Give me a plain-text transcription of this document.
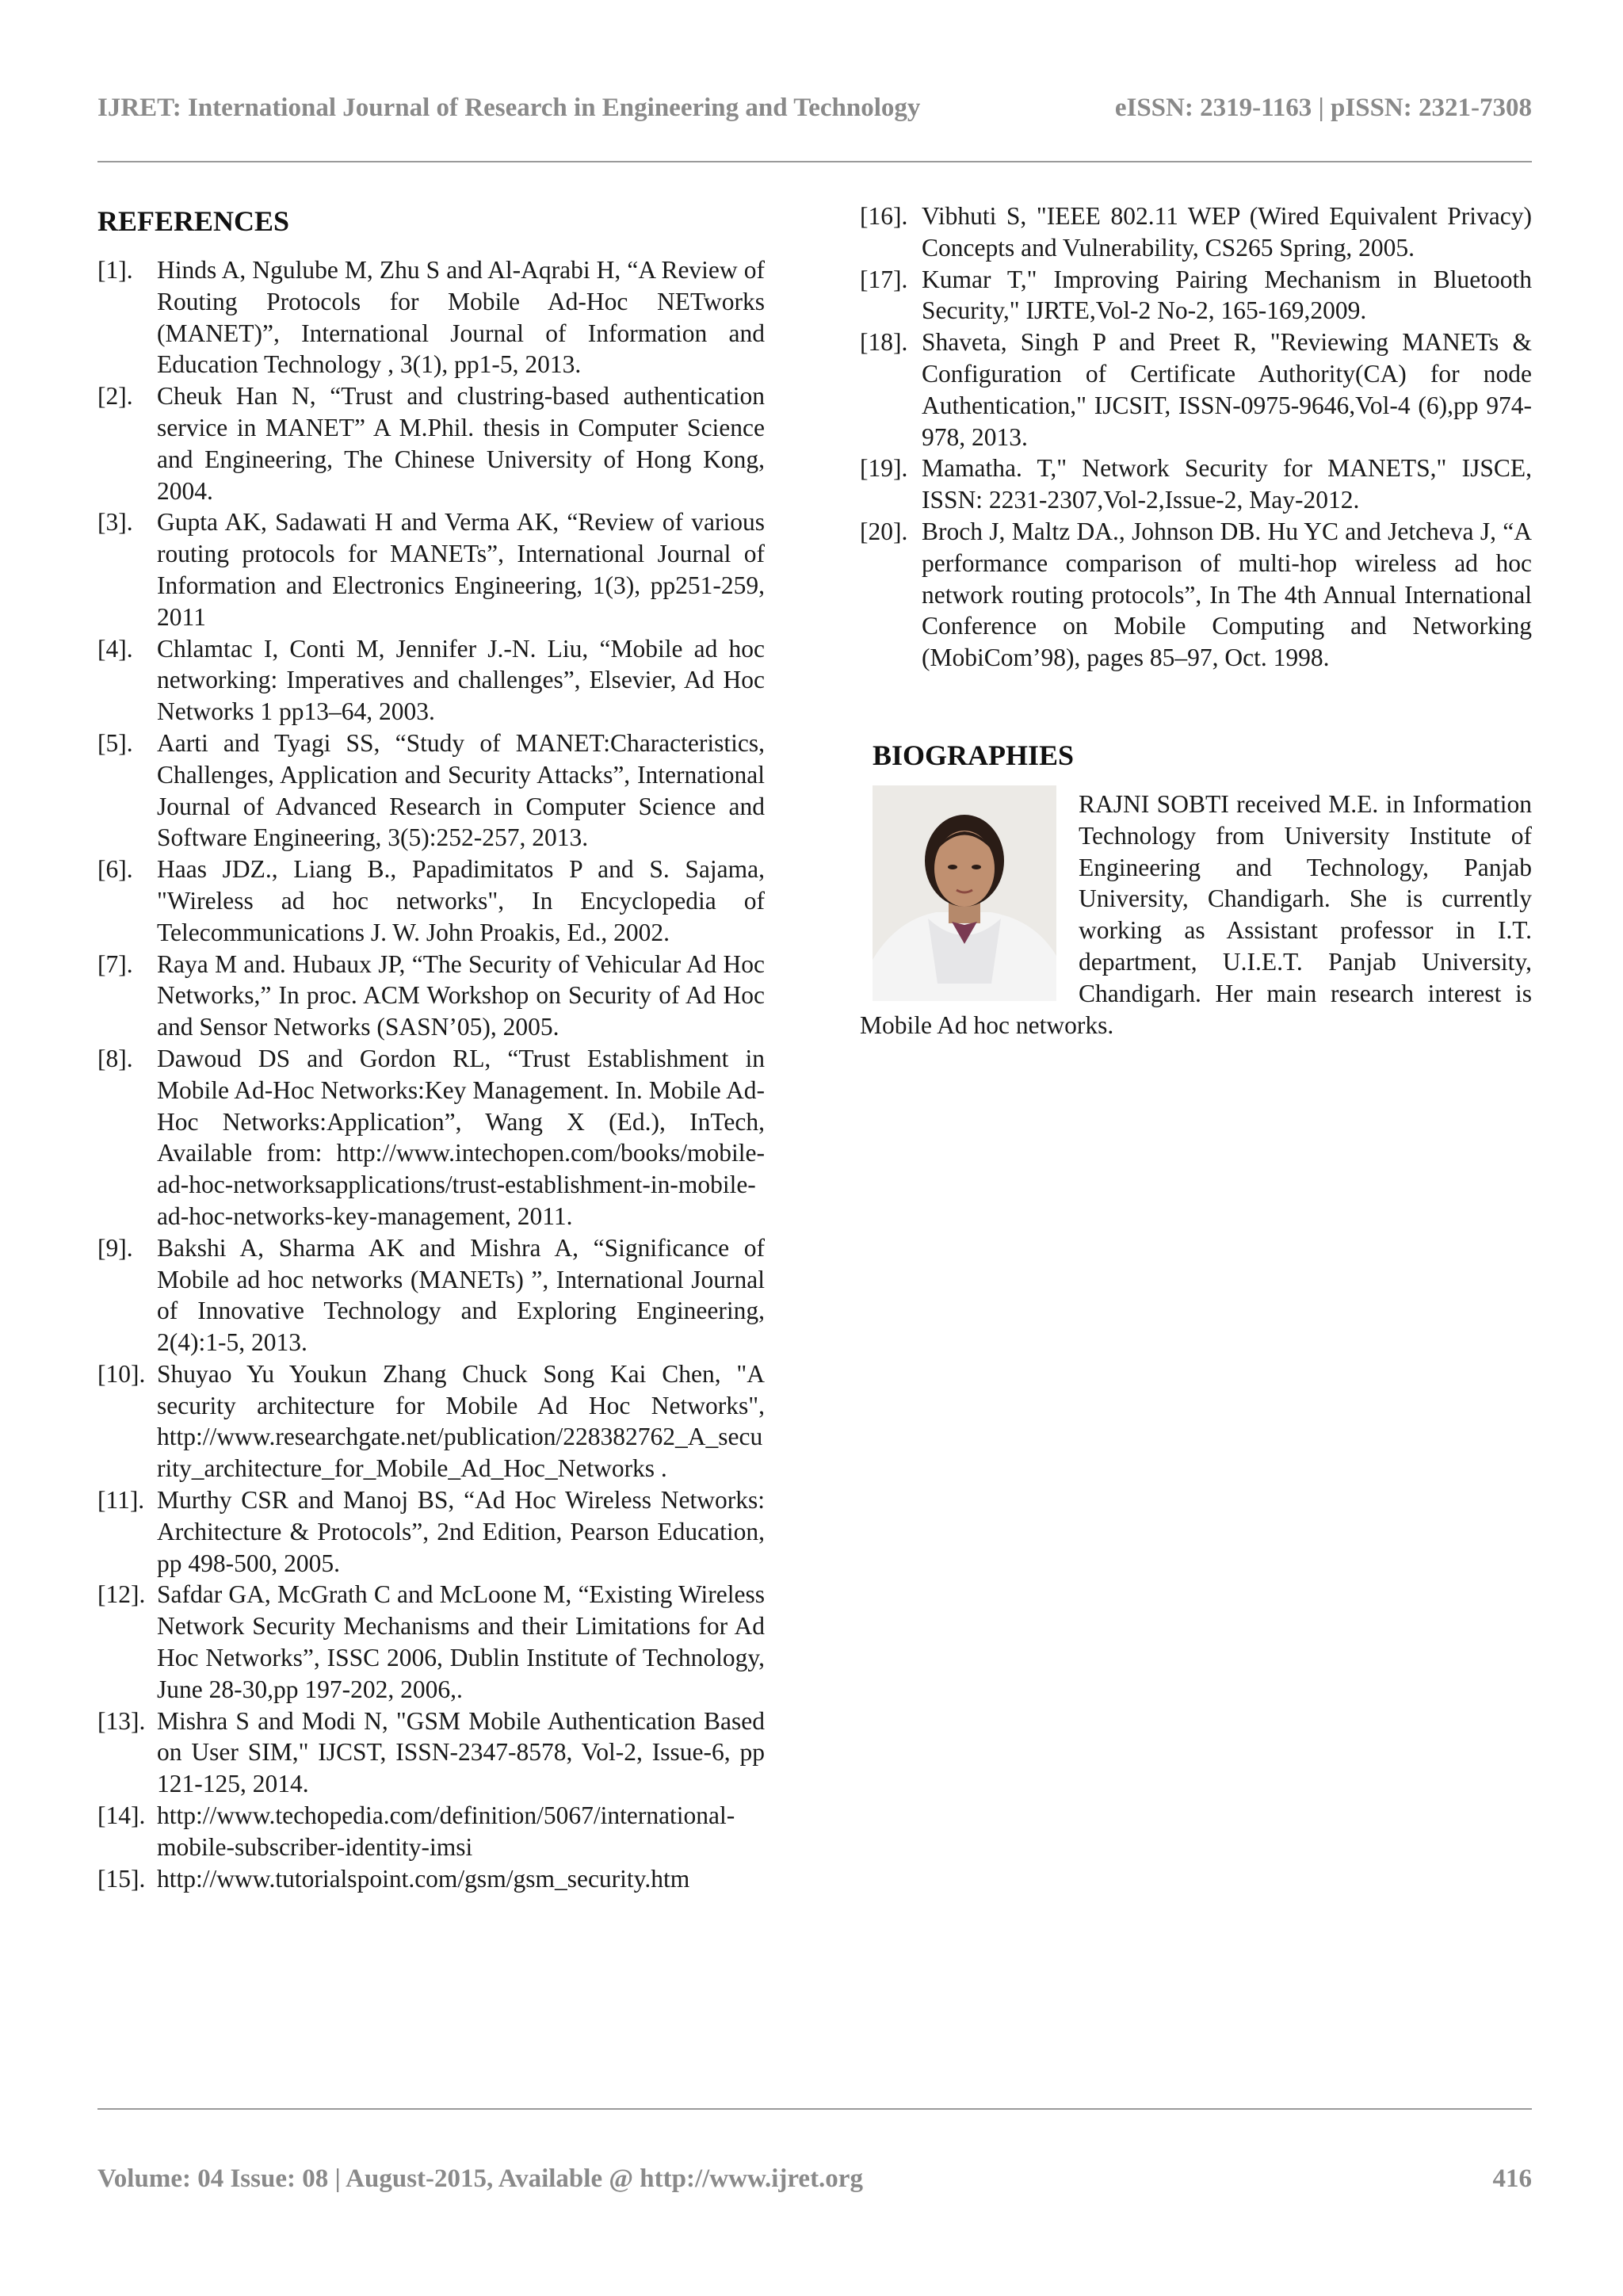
IJRET: International Journal of Research in Engineering and Technology	eISSN: 2319-1163 | pISSN: 2321-7308
REFERENCES
[1]. Hinds A, Ngulube M, Zhu S and Al-Aqrabi H, “A Review of Routing Protocols for Mobile Ad-Hoc NETworks (MANET)”, International Journal of Information and Education Technology , 3(1), pp1-5, 2013.
[2]. Cheuk Han N, “Trust and clustring-based authentication service in MANET” A M.Phil. thesis in Computer Science and Engineering, The Chinese University of Hong Kong, 2004.
[3]. Gupta AK, Sadawati H and Verma AK, “Review of various routing protocols for MANETs”, International Journal of Information and Electronics Engineering, 1(3), pp251-259, 2011
[4]. Chlamtac I, Conti M, Jennifer J.-N. Liu, “Mobile ad hoc networking: Imperatives and challenges”, Elsevier, Ad Hoc Networks 1 pp13–64, 2003.
[5]. Aarti and Tyagi SS, “Study of MANET:Characteristics, Challenges, Application and Security Attacks”, International Journal of Advanced Research in Computer Science and Software Engineering, 3(5):252-257, 2013.
[6]. Haas JDZ., Liang B., Papadimitatos P and S. Sajama, "Wireless ad hoc networks", In Encyclopedia of Telecommunications J. W. John Proakis, Ed., 2002.
[7]. Raya M and. Hubaux JP, “The Security of Vehicular Ad Hoc Networks,” In proc. ACM Workshop on Security of Ad Hoc and Sensor Networks (SASN’05), 2005.
[8]. Dawoud DS and Gordon RL, “Trust Establishment in Mobile Ad-Hoc Networks:Key Management. In. Mobile Ad-Hoc Networks:Application”, Wang X (Ed.), InTech, Available from: http://www.intechopen.com/books/mobile-ad-hoc-networksapplications/trust-establishment-in-mobile-ad-hoc-networks-key-management, 2011.
[9]. Bakshi A, Sharma AK and Mishra A, “Significance of Mobile ad hoc networks (MANETs) ”, International Journal of Innovative Technology and Exploring Engineering, 2(4):1-5, 2013.
[10]. Shuyao Yu Youkun Zhang Chuck Song Kai Chen, "A security architecture for Mobile Ad Hoc Networks", http://www.researchgate.net/publication/228382762_A_security_architecture_for_Mobile_Ad_Hoc_Networks .
[11]. Murthy CSR and Manoj BS, “Ad Hoc Wireless Networks: Architecture & Protocols”, 2nd Edition, Pearson Education, pp 498-500, 2005.
[12]. Safdar GA, McGrath C and McLoone M, “Existing Wireless Network Security Mechanisms and their Limitations for Ad Hoc Networks”, ISSC 2006, Dublin Institute of Technology, June 28-30,pp 197-202, 2006,.
[13]. Mishra S and Modi N, "GSM Mobile Authentication Based on User SIM," IJCST, ISSN-2347-8578, Vol-2, Issue-6, pp 121-125, 2014.
[14]. http://www.techopedia.com/definition/5067/international-mobile-subscriber-identity-imsi
[15]. http://www.tutorialspoint.com/gsm/gsm_security.htm
[16]. Vibhuti S, "IEEE 802.11 WEP (Wired Equivalent Privacy) Concepts and Vulnerability, CS265 Spring, 2005.
[17]. Kumar T," Improving Pairing Mechanism in Bluetooth Security," IJRTE,Vol-2 No-2, 165-169,2009.
[18]. Shaveta, Singh P and Preet R, "Reviewing MANETs & Configuration of Certificate Authority(CA) for node Authentication," IJCSIT, ISSN-0975-9646,Vol-4 (6),pp 974-978, 2013.
[19]. Mamatha. T," Network Security for MANETS," IJSCE, ISSN: 2231-2307,Vol-2,Issue-2, May-2012.
[20]. Broch J, Maltz DA., Johnson DB. Hu YC and Jetcheva J, “A performance comparison of multi-hop wireless ad hoc network routing protocols”, In The 4th Annual International Conference on Mobile Computing and Networking (MobiCom’98), pages 85–97, Oct. 1998.
BIOGRAPHIES
RAJNI SOBTI received M.E. in Information Technology from University Institute of Engineering and Technology, Panjab University, Chandigarh. She is currently working as Assistant professor in I.T. department, U.I.E.T. Panjab University, Chandigarh. Her main research interest is Mobile Ad hoc networks.
Volume: 04 Issue: 08 | August-2015, Available @ http://www.ijret.org	416
